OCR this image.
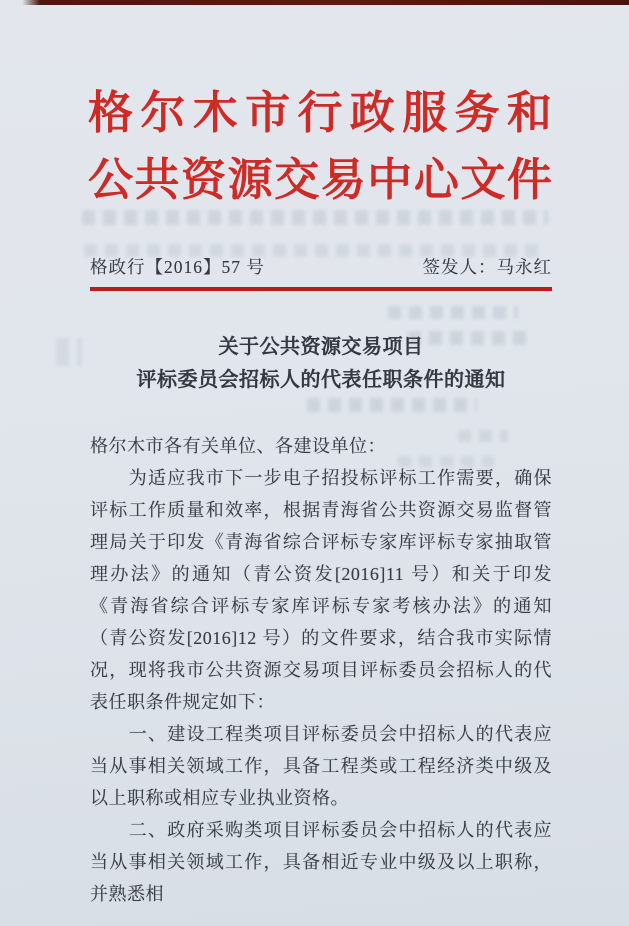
格 尔 木 市 行 政 服 务 和
公 共 资 源 交 易 中 心 文 件
格政行【2016】57 号	签发人：马永红
关于公共资源交易项目
评标委员会招标人的代表任职条件的通知

格尔木市各有关单位、各建设单位：

为适应我市下一步电子招投标评标工作需要，确保评标工作质量和效率，根据青海省公共资源交易监督管理局关于印发《青海省综合评标专家库评标专家抽取管理办法》的通知（青公资发[2016]11 号）和关于印发《青海省综合评标专家库评标专家考核办法》的通知（青公资发[2016]12 号）的文件要求，结合我市实际情况，现将我市公共资源交易项目评标委员会招标人的代表任职条件规定如下：

一、建设工程类项目评标委员会中招标人的代表应当从事相关领域工作，具备工程类或工程经济类中级及以上职称或相应专业执业资格。

二、政府采购类项目评标委员会中招标人的代表应当从事相关领域工作，具备相近专业中级及以上职称，并熟悉相
